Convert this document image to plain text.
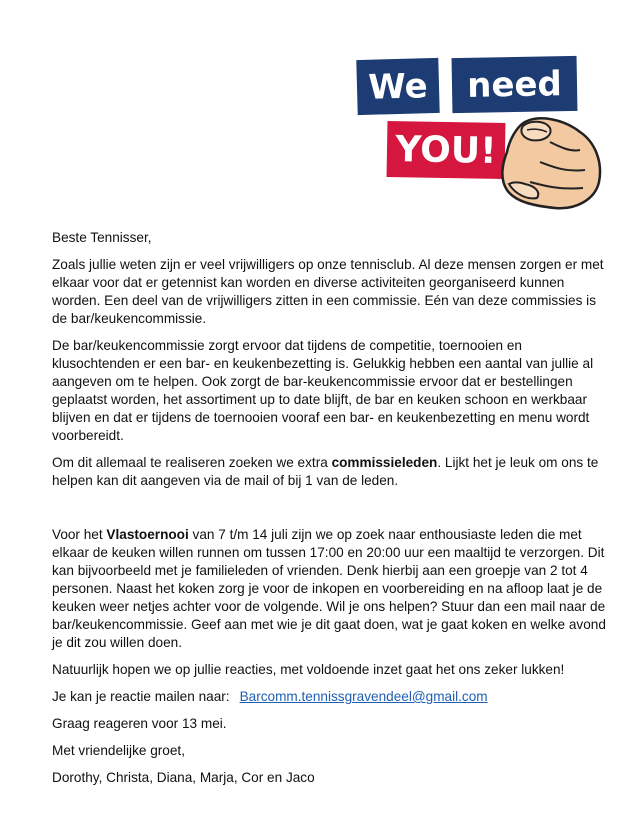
We need
YOU!

Beste Tennisser,

Zoals jullie weten zijn er veel vrijwilligers op onze tennisclub. Al deze mensen zorgen er met elkaar voor dat er getennist kan worden en diverse activiteiten georganiseerd kunnen worden. Een deel van de vrijwilligers zitten in een commissie. Eén van deze commissies is de bar/keukencommissie.

De bar/keukencommissie zorgt ervoor dat tijdens de competitie, toernooien en klusochtenden er een bar- en keukenbezetting is. Gelukkig hebben een aantal van jullie al aangeven om te helpen. Ook zorgt de bar-keukencommissie ervoor dat er bestellingen geplaatst worden, het assortiment up to date blijft, de bar en keuken schoon en werkbaar blijven en dat er tijdens de toernooien vooraf een bar- en keukenbezetting en menu wordt voorbereidt.

Om dit allemaal te realiseren zoeken we extra commissieleden. Lijkt het je leuk om ons te helpen kan dit aangeven via de mail of bij 1 van de leden.

Voor het Vlastoernooi van 7 t/m 14 juli zijn we op zoek naar enthousiaste leden die met elkaar de keuken willen runnen om tussen 17:00 en 20:00 uur een maaltijd te verzorgen. Dit kan bijvoorbeeld met je familieleden of vrienden. Denk hierbij aan een groepje van 2 tot 4 personen. Naast het koken zorg je voor de inkopen en voorbereiding en na afloop laat je de keuken weer netjes achter voor de volgende. Wil je ons helpen? Stuur dan een mail naar de bar/keukencommissie. Geef aan met wie je dit gaat doen, wat je gaat koken en welke avond je dit zou willen doen.

Natuurlijk hopen we op jullie reacties, met voldoende inzet gaat het ons zeker lukken!

Je kan je reactie mailen naar: Barcomm.tennissgravendeel@gmail.com

Graag reageren voor 13 mei.

Met vriendelijke groet,

Dorothy, Christa, Diana, Marja, Cor en Jaco
